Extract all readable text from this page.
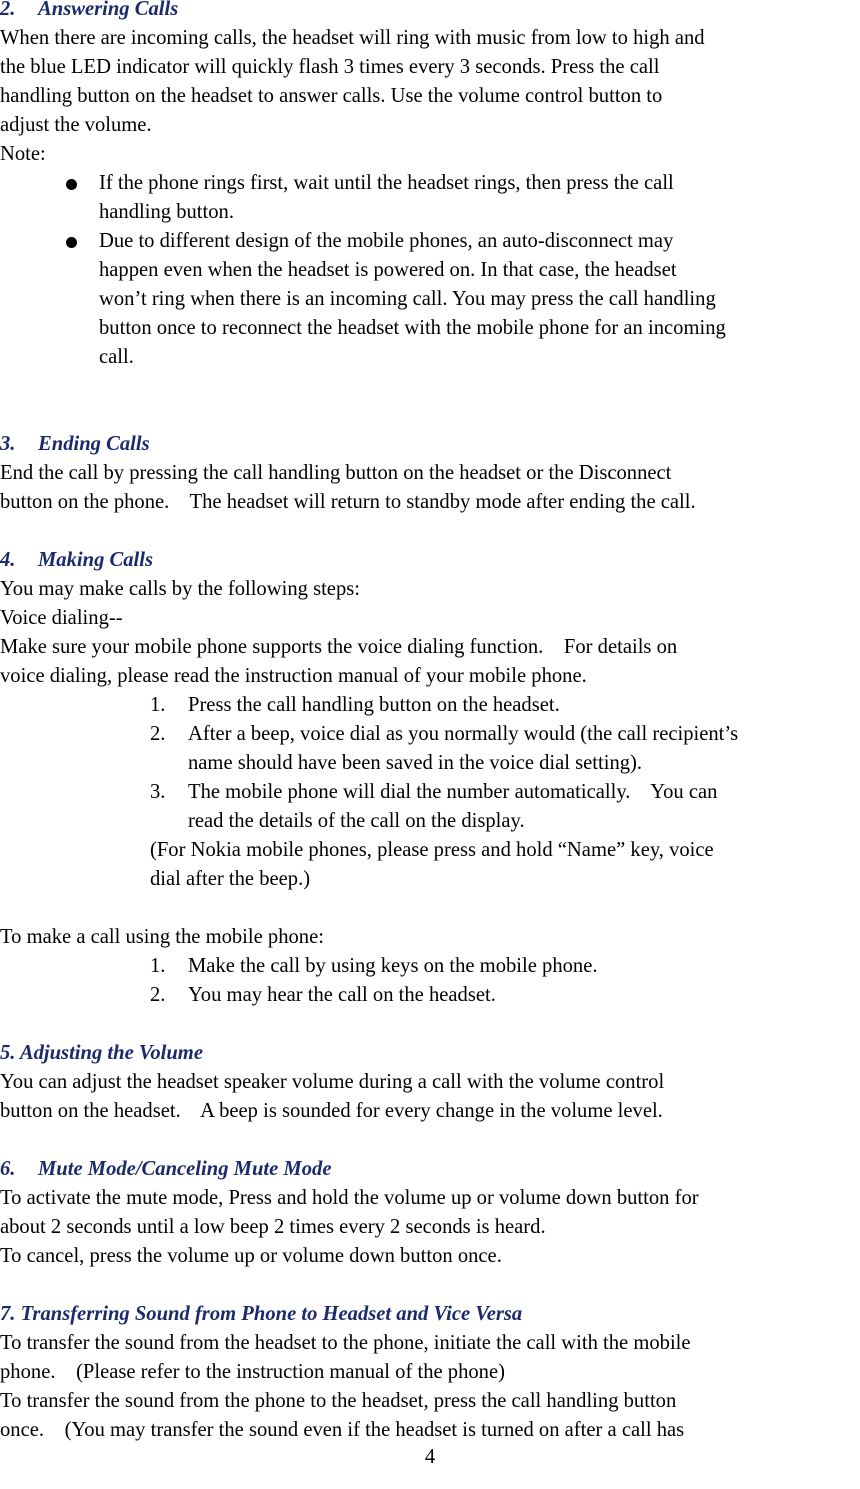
2. Answering Calls
When there are incoming calls, the headset will ring with music from low to high and
the blue LED indicator will quickly flash 3 times every 3 seconds. Press the call
handling button on the headset to answer calls. Use the volume control button to
adjust the volume.
Note:
If the phone rings first, wait until the headset rings, then press the call
handling button.
Due to different design of the mobile phones, an auto-disconnect may
happen even when the headset is powered on. In that case, the headset
won’t ring when there is an incoming call. You may press the call handling
button once to reconnect the headset with the mobile phone for an incoming
call.
3. Ending Calls
End the call by pressing the call handling button on the headset or the Disconnect
button on the phone.    The headset will return to standby mode after ending the call.
4. Making Calls
You may make calls by the following steps:
Voice dialing--
Make sure your mobile phone supports the voice dialing function.    For details on
voice dialing, please read the instruction manual of your mobile phone.
1. Press the call handling button on the headset.
2. After a beep, voice dial as you normally would (the call recipient’s
name should have been saved in the voice dial setting).
3. The mobile phone will dial the number automatically.    You can
read the details of the call on the display.
(For Nokia mobile phones, please press and hold “Name” key, voice
dial after the beep.)
To make a call using the mobile phone:
1. Make the call by using keys on the mobile phone.
2. You may hear the call on the headset.
5. Adjusting the Volume
You can adjust the headset speaker volume during a call with the volume control
button on the headset.    A beep is sounded for every change in the volume level.
6. Mute Mode/Canceling Mute Mode
To activate the mute mode, Press and hold the volume up or volume down button for
about 2 seconds until a low beep 2 times every 2 seconds is heard.
To cancel, press the volume up or volume down button once.
7. Transferring Sound from Phone to Headset and Vice Versa
To transfer the sound from the headset to the phone, initiate the call with the mobile
phone.    (Please refer to the instruction manual of the phone)
To transfer the sound from the phone to the headset, press the call handling button
once.    (You may transfer the sound even if the headset is turned on after a call has
4
